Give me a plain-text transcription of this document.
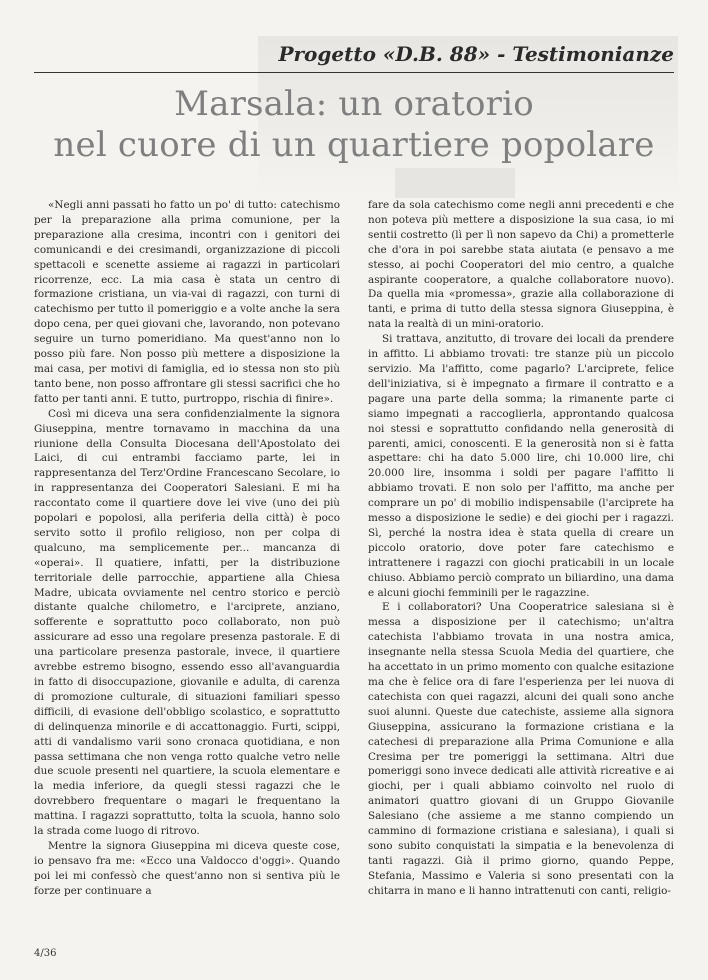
Progetto «D.B. 88» - Testimonianze
Marsala: un oratorio
nel cuore di un quartiere popolare

«Negli anni passati ho fatto un po' di tutto: catechismo per la preparazione alla prima comunione, per la preparazione alla cresima, incontri con i genitori dei comunicandi e dei cresimandi, organizzazione di piccoli spettacoli e scenette assieme ai ragazzi in particolari ricorrenze, ecc. La mia casa è stata un centro di formazione cristiana, un via-vai di ragazzi, con turni di catechismo per tutto il pomeriggio e a volte anche la sera dopo cena, per quei giovani che, lavorando, non potevano seguire un turno pomeridiano. Ma quest'anno non lo posso più fare. Non posso più mettere a disposizione la mai casa, per motivi di famiglia, ed io stessa non sto più tanto bene, non posso affrontare gli stessi sacrifici che ho fatto per tanti anni. E tutto, purtroppo, rischia di finire».

Così mi diceva una sera confidenzialmente la signora Giuseppina, mentre tornavamo in macchina da una riunione della Consulta Diocesana dell'Apostolato dei Laici, di cui entrambi facciamo parte, lei in rappresentanza del Terz'Ordine Francescano Secolare, io in rappresentanza dei Cooperatori Salesiani. E mi ha raccontato come il quartiere dove lei vive (uno dei più popolari e popolosi, alla periferia della città) è poco servito sotto il profilo religioso, non per colpa di qualcuno, ma semplicemente per... mancanza di «operai». Il quatiere, infatti, per la distribuzione territoriale delle parrocchie, appartiene alla Chiesa Madre, ubicata ovviamente nel centro storico e perciò distante qualche chilometro, e l'arciprete, anziano, sofferente e soprattutto poco collaborato, non può assicurare ad esso una regolare presenza pastorale. E di una particolare presenza pastorale, invece, il quartiere avrebbe estremo bisogno, essendo esso all'avanguardia in fatto di disoccupazione, giovanile e adulta, di carenza di promozione culturale, di situazioni familiari spesso difficili, di evasione dell'obbligo scolastico, e soprattutto di delinquenza minorile e di accattonaggio. Furti, scippi, atti di vandalismo varii sono cronaca quotidiana, e non passa settimana che non venga rotto qualche vetro nelle due scuole presenti nel quartiere, la scuola elementare e la media inferiore, da quegli stessi ragazzi che le dovrebbero frequentare o magari le frequentano la mattina. I ragazzi soprattutto, tolta la scuola, hanno solo la strada come luogo di ritrovo.

Mentre la signora Giuseppina mi diceva queste cose, io pensavo fra me: «Ecco una Valdocco d'oggi». Quando poi lei mi confessò che quest'anno non si sentiva più le forze per continuare a

fare da sola catechismo come negli anni precedenti e che non poteva più mettere a disposizione la sua casa, io mi sentii costretto (lì per lì non sapevo da Chi) a prometterle che d'ora in poi sarebbe stata aiutata (e pensavo a me stesso, ai pochi Cooperatori del mio centro, a qualche aspirante cooperatore, a qualche collaboratore nuovo). Da quella mia «promessa», grazie alla collaborazione di tanti, e prima di tutto della stessa signora Giuseppina, è nata la realtà di un mini-oratorio.

Si trattava, anzitutto, di trovare dei locali da prendere in affitto. Li abbiamo trovati: tre stanze più un piccolo servizio. Ma l'affitto, come pagarlo? L'arciprete, felice dell'iniziativa, si è impegnato a firmare il contratto e a pagare una parte della somma; la rimanente parte ci siamo impegnati a raccoglierla, approntando qualcosa noi stessi e soprattutto confidando nella generosità di parenti, amici, conoscenti. E la generosità non si è fatta aspettare: chi ha dato 5.000 lire, chi 10.000 lire, chi 20.000 lire, insomma i soldi per pagare l'affitto li abbiamo trovati. E non solo per l'affitto, ma anche per comprare un po' di mobilio indispensabile (l'arciprete ha messo a disposizione le sedie) e dei giochi per i ragazzi. Sì, perché la nostra idea è stata quella di creare un piccolo oratorio, dove poter fare catechismo e intrattenere i ragazzi con giochi praticabili in un locale chiuso. Abbiamo perciò comprato un biliardino, una dama e alcuni giochi femminili per le ragazzine.

E i collaboratori? Una Cooperatrice salesiana si è messa a disposizione per il catechismo; un'altra catechista l'abbiamo trovata in una nostra amica, insegnante nella stessa Scuola Media del quartiere, che ha accettato in un primo momento con qualche esitazione ma che è felice ora di fare l'esperienza per lei nuova di catechista con quei ragazzi, alcuni dei quali sono anche suoi alunni. Queste due catechiste, assieme alla signora Giuseppina, assicurano la formazione cristiana e la catechesi di preparazione alla Prima Comunione e alla Cresima per tre pomeriggi la settimana. Altri due pomeriggi sono invece dedicati alle attività ricreative e ai giochi, per i quali abbiamo coinvolto nel ruolo di animatori quattro giovani di un Gruppo Giovanile Salesiano (che assieme a me stanno compiendo un cammino di formazione cristiana e salesiana), i quali si sono subito conquistati la simpatia e la benevolenza di tanti ragazzi. Già il primo giorno, quando Peppe, Stefania, Massimo e Valeria si sono presentati con la chitarra in mano e li hanno intrattenuti con canti, religio-

4/36
